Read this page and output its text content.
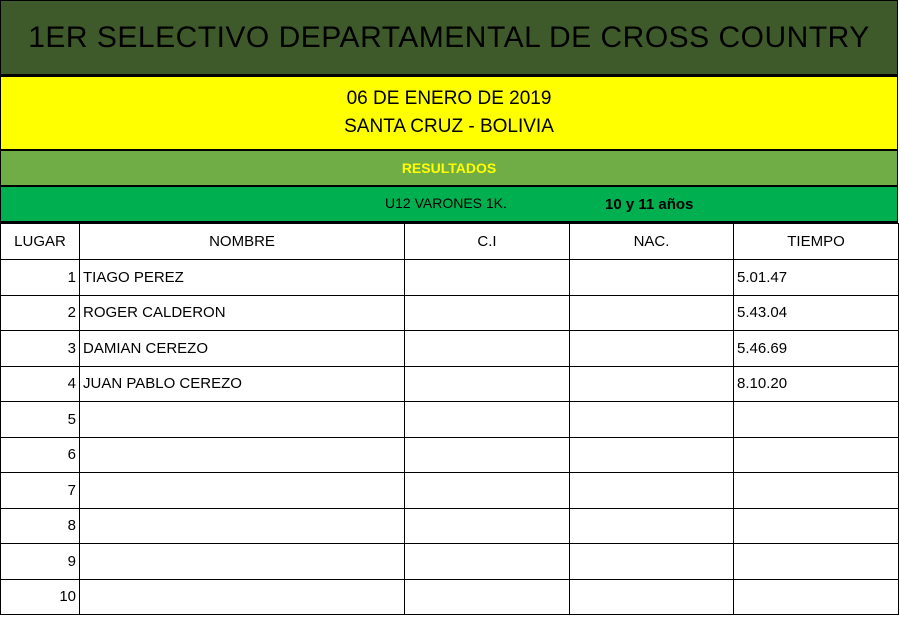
1ER SELECTIVO DEPARTAMENTAL DE CROSS COUNTRY
06 DE ENERO DE 2019
SANTA CRUZ - BOLIVIA
RESULTADOS
U12 VARONES 1K.	10 y 11 años
LUGAR	NOMBRE	C.I	NAC.	TIEMPO
1	TIAGO PEREZ			5.01.47
2	ROGER CALDERON			5.43.04
3	DAMIAN CEREZO			5.46.69
4	JUAN PABLO CEREZO			8.10.20
5				
6				
7				
8				
9				
10				
